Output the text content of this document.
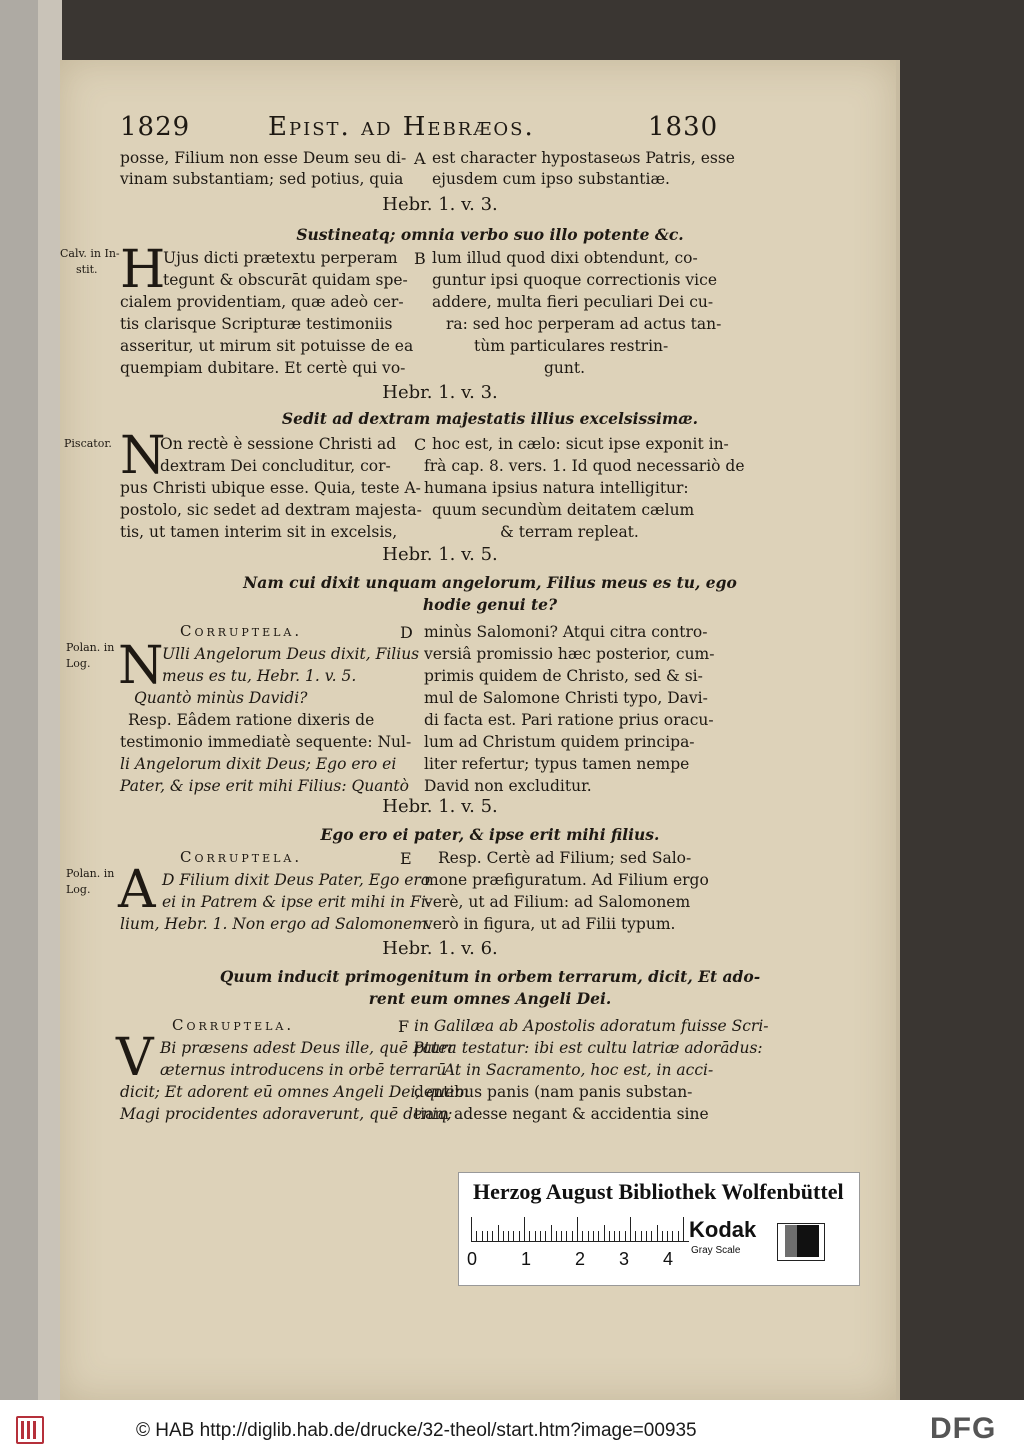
1829	Epist. ad Hebræos.	1830
posse, Filium non esse Deum seu di-
vinam substantiam; sed potius, quia
A est character hypostaseωs Patris, esse
ejusdem cum ipso substantiæ.
Hebr. 1. v. 3.
Sustineatq; omnia verbo suo illo potente &c.
Calv. in In-
stit. H
Ujus dicti prætextu perperam
tegunt & obscurāt quidam spe-
cialem providentiam, quæ adeò cer-
tis clarisque Scripturæ testimoniis
asseritur, ut mirum sit potuisse de ea
quempiam dubitare. Et certè qui vo-
B lum illud quod dixi obtendunt, co-
guntur ipsi quoque correctionis vice
addere, multa fieri peculiari Dei cu-
ra: sed hoc perperam ad actus tan-
tùm particulares restrin-
gunt.
Hebr. 1. v. 3.
Sedit ad dextram majestatis illius excelsissimæ.
Piscator. N
On rectè è sessione Christi ad
dextram Dei concluditur, cor-
pus Christi ubique esse. Quia, teste A-
postolo, sic sedet ad dextram majesta-
tis, ut tamen interim sit in excelsis,
C hoc est, in cælo: sicut ipse exponit in-
frà cap. 8. vers. 1. Id quod necessariò de
humana ipsius natura intelligitur:
quum secundùm deitatem cælum
& terram repleat.
Hebr. 1. v. 5.
Nam cui dixit unquam angelorum, Filius meus es tu, ego
hodie genui te?
Polan. in
Log.
Corruptela.
N
Ulli Angelorum Deus dixit, Filius
meus es tu, Hebr. 1. v. 5.
Quantò minùs Davidi?
Resp. Eâdem ratione dixeris de
testimonio immediatè sequente: Nul-
li Angelorum dixit Deus; Ego ero ei
Pater, & ipse erit mihi Filius: Quantò
D minùs Salomoni? Atqui citra contro-
versiâ promissio hæc posterior, cum-
primis quidem de Christo, sed & si-
mul de Salomone Christi typo, Davi-
di facta est. Pari ratione prius oracu-
lum ad Christum quidem principa-
liter refertur; typus tamen nempe
David non excluditur.
Hebr. 1. v. 5.
Ego ero ei pater, & ipse erit mihi filius.
Polan. in
Log.
Corruptela.
A D Filium dixit Deus Pater, Ego ero
ei in Patrem & ipse erit mihi in Fi-
lium, Hebr. 1. Non ergo ad Salomonem.
E Resp. Certè ad Filium; sed Salo-
mone præfiguratum. Ad Filium ergo
verè, ut ad Filium: ad Salomonem
verò in figura, ut ad Filii typum.
Hebr. 1. v. 6.
Quum inducit primogenitum in orbem terrarum, dicit, Et ado-
rent eum omnes Angeli Dei.
Corruptela.
V Bi præsens adest Deus ille, quē Pater
æternus introducens in orbē terrarū
dicit; Et adorent eū omnes Angeli Dei, quem
Magi procidentes adoraverunt, quē deniq;
F in Galilæa ab Apostolis adoratum fuisse Scri-
ptura testatur: ibi est cultu latriæ adorādus:
At in Sacramento, hoc est, in acci-
dentibus panis (nam panis substan-
tiam adesse negant & accidentia sine
Herzog August Bibliothek Wolfenbüttel
0 1 2 3 4
Kodak
Gray Scale
© HAB http://diglib.hab.de/drucke/32-theol/start.htm?image=00935	DFG
